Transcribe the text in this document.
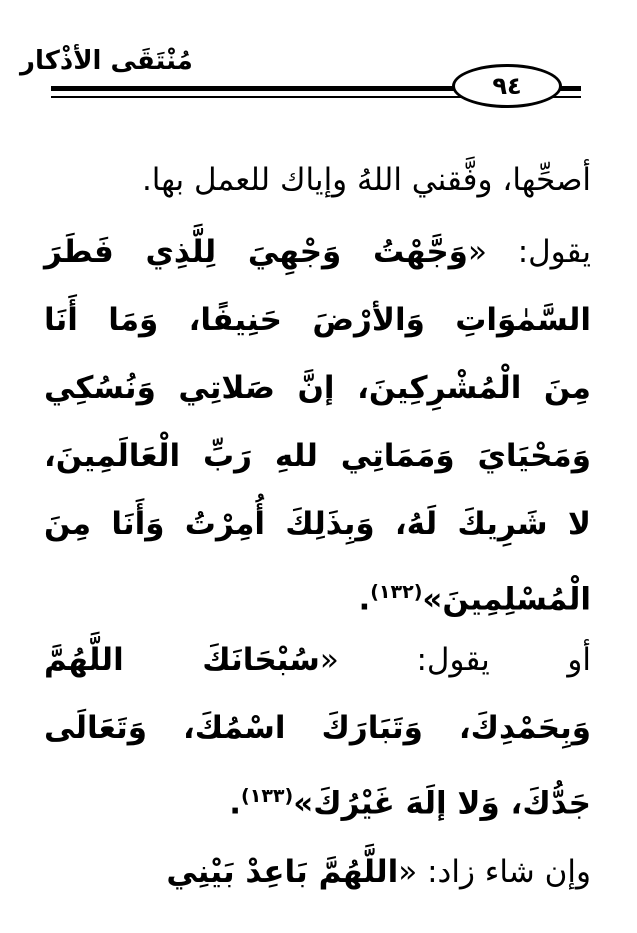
مُنْتَقَى الأذْكار
٩٤
أصحِّها، وفَّقني اللهُ وإياك للعمل بها.
يقول: «وَجَّهْتُ وَجْهِيَ لِلَّذِي فَطَرَ
السَّمٰوَاتِ وَالأرْضَ حَنِيفًا، وَمَا أَنَا
مِنَ الْمُشْرِكِينَ، إنَّ صَلاتِي وَنُسُكِي
وَمَحْيَايَ وَمَمَاتِي للهِ رَبِّ الْعَالَمِينَ،
لا شَرِيكَ لَهُ، وَبِذَلِكَ أُمِرْتُ وَأَنَا مِنَ
الْمُسْلِمِينَ»$^{(١٣٢)}$.
أو يقول: «سُبْحَانَكَ اللَّهُمَّ
وَبِحَمْدِكَ، وَتَبَارَكَ اسْمُكَ، وَتَعَالَى
جَدُّكَ، وَلا إلَهَ غَيْرُكَ»$^{(١٣٣)}$.
وإن شاء زاد: «اللَّهُمَّ بَاعِدْ بَيْنِي
